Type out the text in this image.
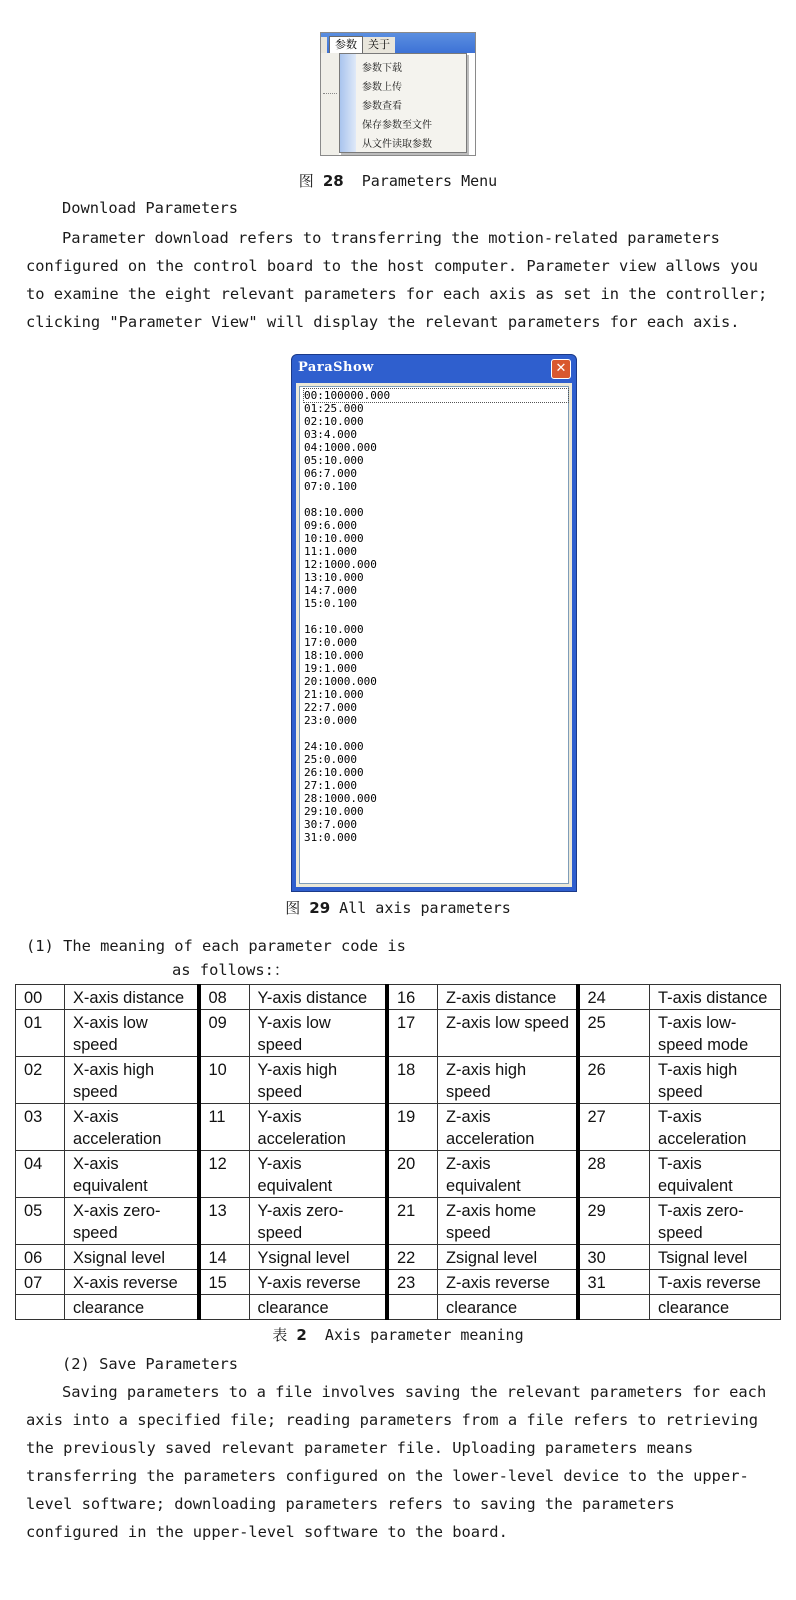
参数	关于
参数下载
参数上传
参数查看
保存参数至文件
从文件读取参数
图 28 Parameters Menu

Download Parameters

Parameter download refers to transferring the motion-related parameters configured on the control board to the host computer. Parameter view allows you to examine the eight relevant parameters for each axis as set in the controller; clicking "Parameter View" will display the relevant parameters for each axis.

ParaShow	✕
00:100000.000
01:25.000
02:10.000
03:4.000
04:1000.000
05:10.000
06:7.000
07:0.100
08:10.000
09:6.000
10:10.000
11:1.000
12:1000.000
13:10.000
14:7.000
15:0.100
16:10.000
17:0.000
18:10.000
19:1.000
20:1000.000
21:10.000
22:7.000
23:0.000
24:10.000
25:0.000
26:10.000
27:1.000
28:1000.000
29:10.000
30:7.000
31:0.000
图 29 All axis parameters
(1) The meaning of each parameter code is
as follows:：
00	X-axis distance	08	Y-axis distance	16	Z-axis distance	24	T-axis distance
01	X-axis low speed	09	Y-axis low speed	17	Z-axis low speed	25	T-axis low-speed mode
02	X-axis high speed	10	Y-axis high speed	18	Z-axis high speed	26	T-axis high speed
03	X-axis acceleration	11	Y-axis acceleration	19	Z-axis acceleration	27	T-axis acceleration
04	X-axis equivalent	12	Y-axis equivalent	20	Z-axis equivalent	28	T-axis equivalent
05	X-axis zero-speed	13	Y-axis zero-speed	21	Z-axis home speed	29	T-axis zero-speed
06	Xsignal level	14	Ysignal level	22	Zsignal level	30	Tsignal level
07	X-axis reverse	15	Y-axis reverse	23	Z-axis reverse	31	T-axis reverse
	clearance		clearance		clearance		clearance
表 2 Axis parameter meaning

(2) Save Parameters

Saving parameters to a file involves saving the relevant parameters for each axis into a specified file; reading parameters from a file refers to retrieving the previously saved relevant parameter file. Uploading parameters means transferring the parameters configured on the lower-level device to the upper-level software; downloading parameters refers to saving the parameters configured in the upper-level software to the board.
